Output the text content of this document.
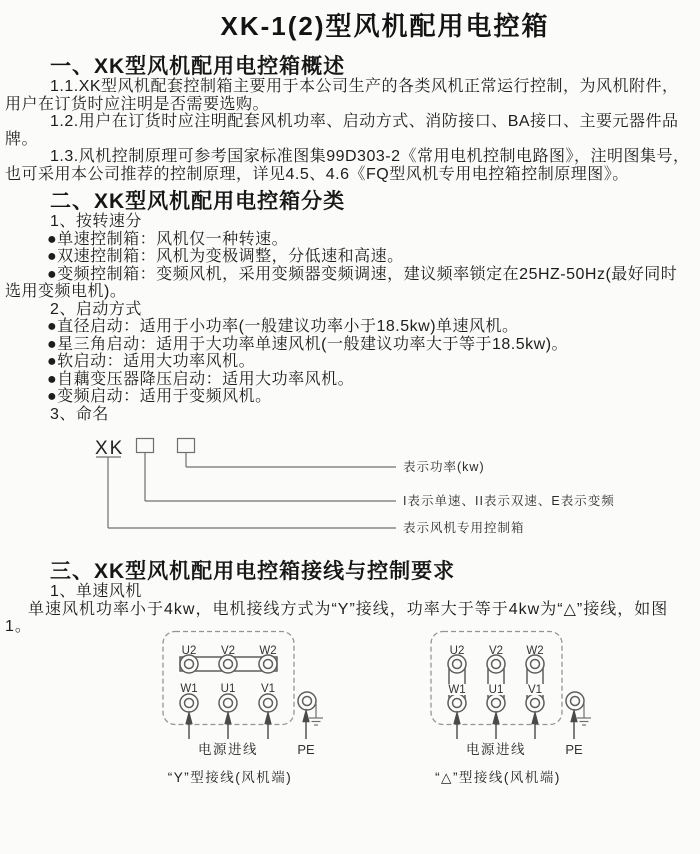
XK-1(2)型风机配用电控箱
一、XK型风机配用电控箱概述

1.1.XK型风机配套控制箱主要用于本公司生产的各类风机正常运行控制，为风机附件，用户在订货时应注明是否需要选购。

1.2.用户在订货时应注明配套风机功率、启动方式、消防接口、BA接口、主要元器件品牌。

1.3.风机控制原理可参考国家标准图集99D303-2《常用电机控制电路图》，注明图集号，也可采用本公司推荐的控制原理，详见4.5、4.6《FQ型风机专用电控箱控制原理图》。

二、XK型风机配用电控箱分类

1、按转速分

●单速控制箱：风机仅一种转速。

●双速控制箱：风机为变极调整，分低速和高速。

●变频控制箱：变频风机，采用变频器变频调速，建议频率锁定在25HZ-50Hz(最好同时选用变频电机)。

2、启动方式

●直径启动：适用于小功率(一般建议功率小于18.5kw)单速风机。

●星三角启动：适用于大功率单速风机(一般建议功率大于等于18.5kw)。

●软启动：适用大功率风机。

●自藕变压器降压启动：适用大功率风机。

●变频启动：适用于变频风机。

3、命名

XK
表示功率(kw)
I表示单速、II表示双速、E表示变频
表示风机专用控制箱
三、XK型风机配用电控箱接线与控制要求

1、单速风机

单速风机功率小于4kw，电机接线方式为“Y”接线，功率大于等于4kw为“△”接线，如图1。

U2 V2 W2
W1 U1 V1
电源进线	PE
“Y”型接线(风机端)
U2 V2 W2
W1 U1 V1
电源进线	PE
“△”型接线(风机端)
